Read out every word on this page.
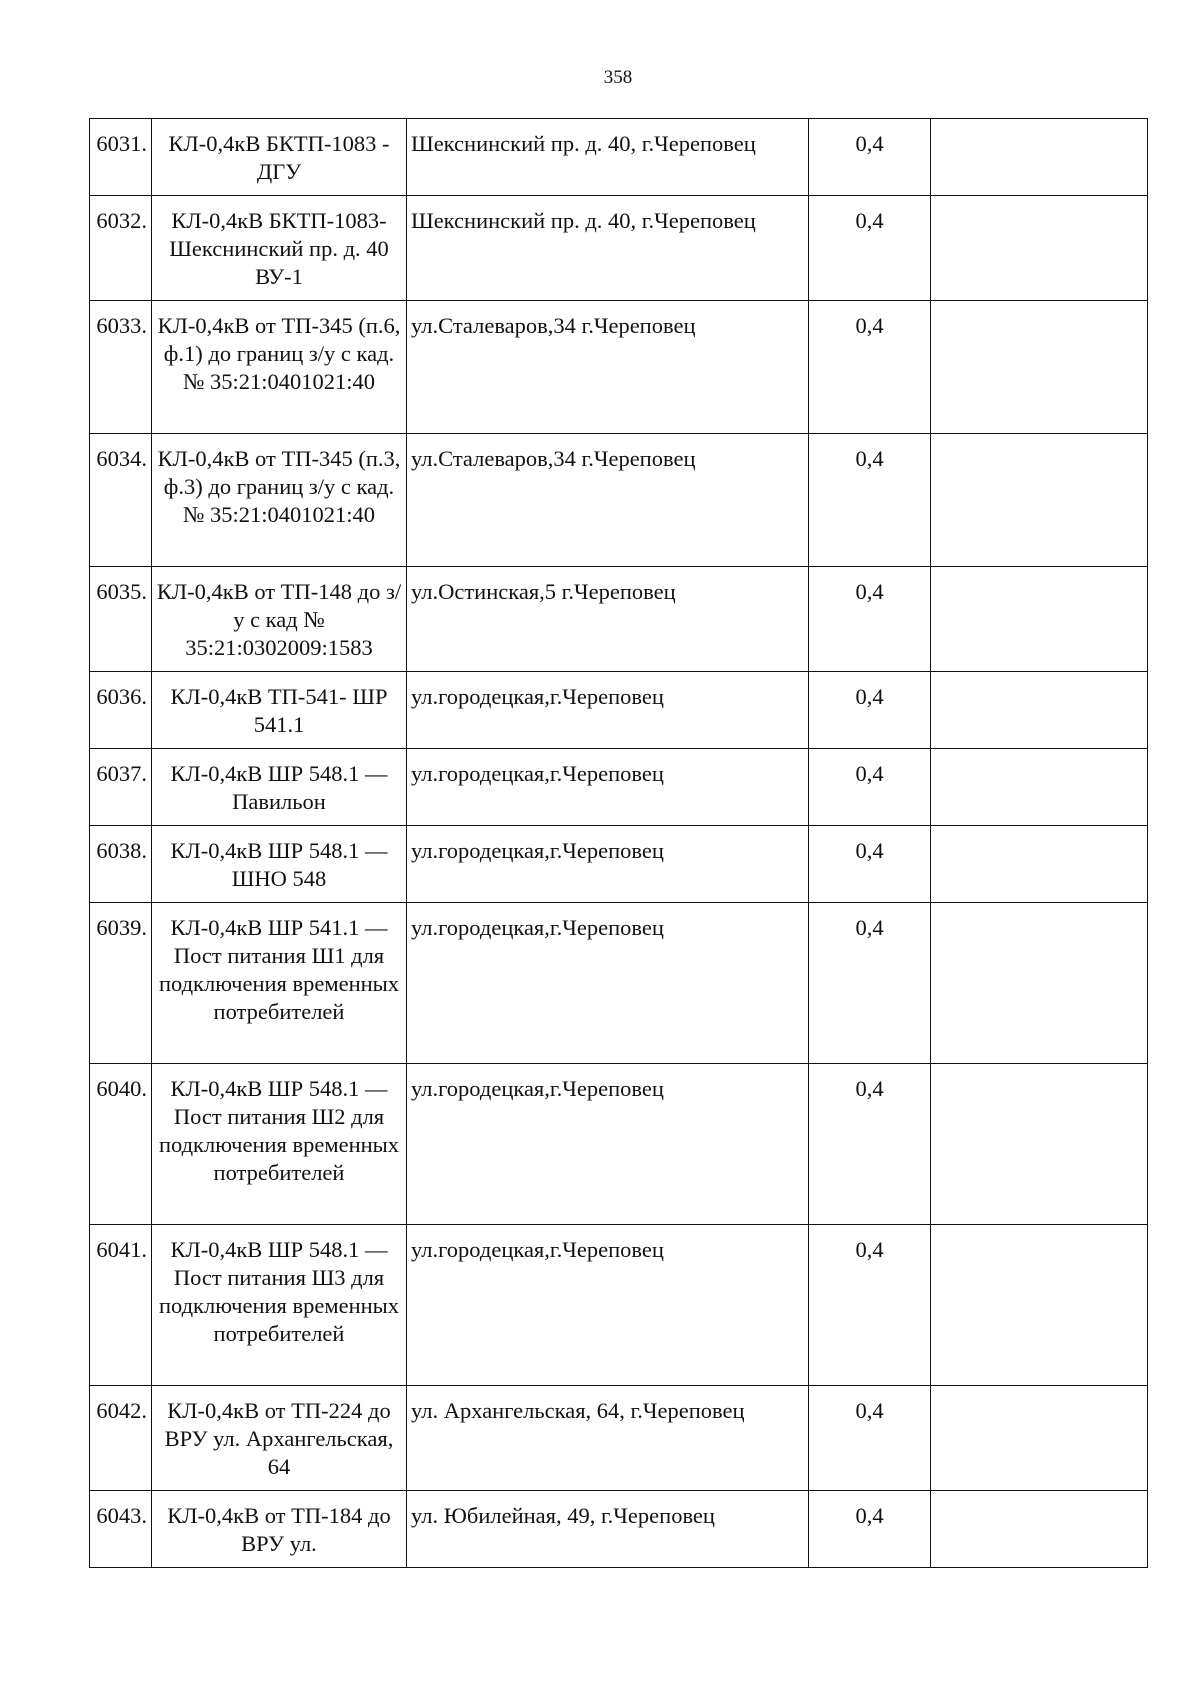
358
6031.	КЛ-0,4кВ БКТП-1083 - ДГУ	Шекснинский пр. д. 40, г.Череповец	0,4	
6032.	КЛ-0,4кВ БКТП-1083- Шекснинский пр. д. 40 ВУ-1	Шекснинский пр. д. 40, г.Череповец	0,4	
6033.	КЛ-0,4кВ от ТП-345 (п.6, ф.1) до границ з/у с кад. № 35:21:0401021:40	ул.Сталеваров,34 г.Череповец	0,4	
6034.	КЛ-0,4кВ от ТП-345 (п.3, ф.3) до границ з/у с кад. № 35:21:0401021:40	ул.Сталеваров,34 г.Череповец	0,4	
6035.	КЛ-0,4кВ от ТП-148 до з/у с кад № 35:21:0302009:1583	ул.Остинская,5 г.Череповец	0,4	
6036.	КЛ-0,4кВ ТП-541- ШР 541.1	ул.городецкая,г.Череповец	0,4	
6037.	КЛ-0,4кВ ШР 548.1 — Павильон	ул.городецкая,г.Череповец	0,4	
6038.	КЛ-0,4кВ ШР 548.1 — ШНО 548	ул.городецкая,г.Череповец	0,4	
6039.	КЛ-0,4кВ ШР 541.1 — Пост питания Ш1 для подключения временных потребителей	ул.городецкая,г.Череповец	0,4	
6040.	КЛ-0,4кВ ШР 548.1 — Пост питания Ш2 для подключения временных потребителей	ул.городецкая,г.Череповец	0,4	
6041.	КЛ-0,4кВ ШР 548.1 — Пост питания Ш3 для подключения временных потребителей	ул.городецкая,г.Череповец	0,4	
6042.	КЛ-0,4кВ от ТП-224 до ВРУ ул. Архангельская, 64	ул. Архангельская, 64, г.Череповец	0,4	
6043.	КЛ-0,4кВ от ТП-184 до ВРУ ул.	ул. Юбилейная, 49, г.Череповец	0,4	
